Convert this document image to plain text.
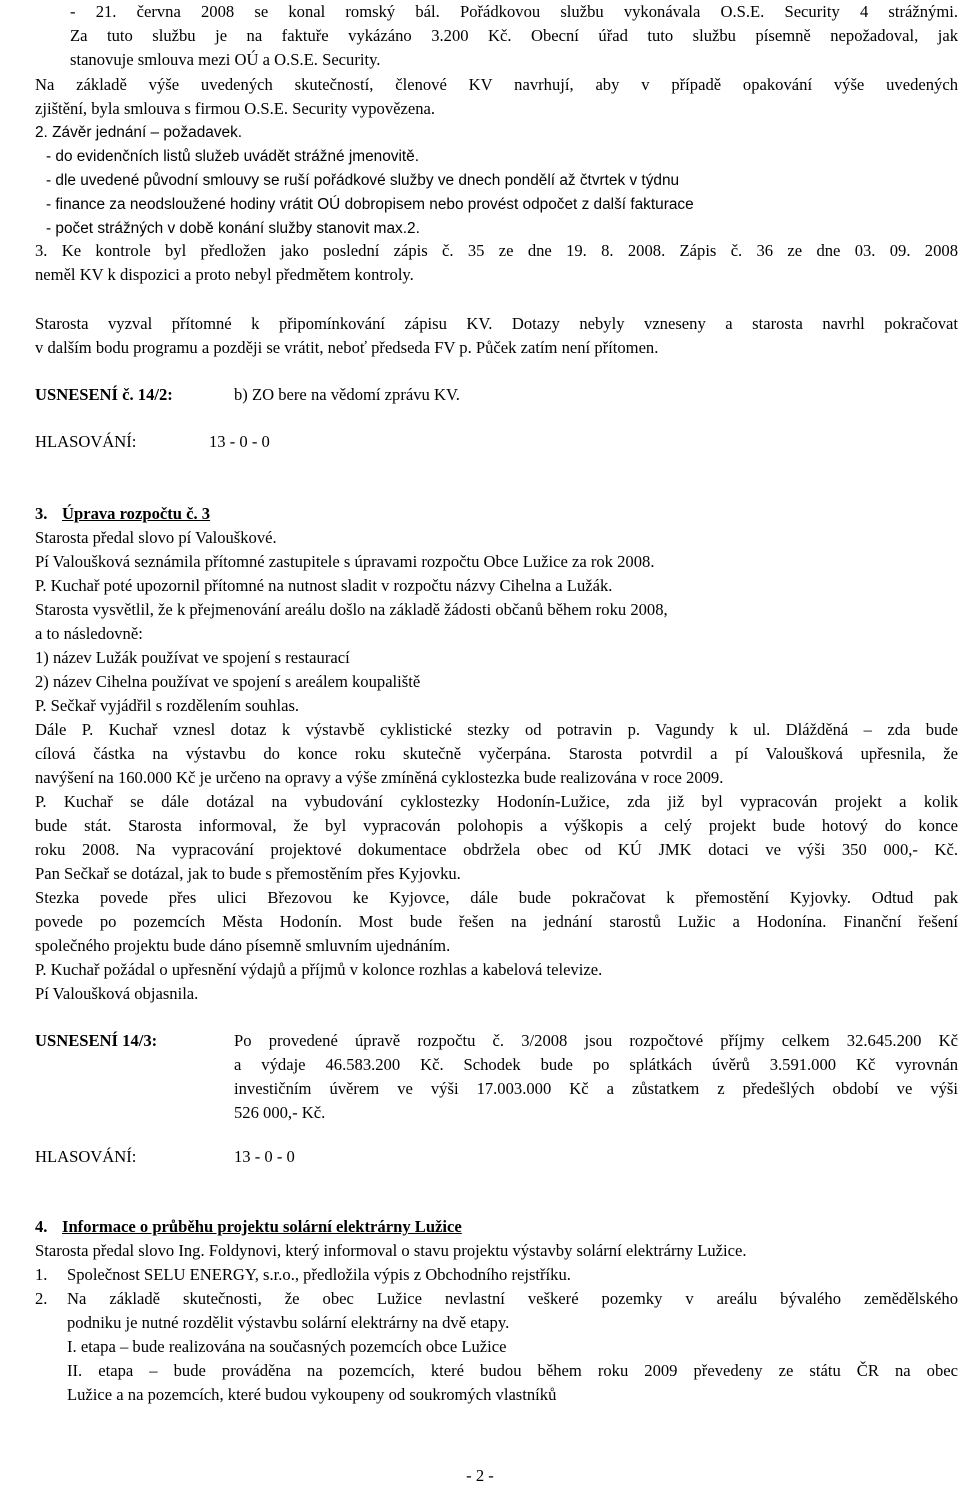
- 21. června 2008 se konal romský bál. Pořádkovou službu vykonávala O.S.E. Security 4 strážnými.
Za tuto službu je na faktuře vykázáno 3.200 Kč. Obecní úřad tuto službu písemně nepožadoval, jak
stanovuje smlouva mezi OÚ a O.S.E. Security.
Na základě výše uvedených skutečností, členové KV navrhují, aby v případě opakování výše uvedených
zjištění, byla smlouva s firmou O.S.E. Security vypovězena.
2. Závěr jednání – požadavek.
- do evidenčních listů služeb uvádět strážné jmenovitě.
- dle uvedené původní smlouvy se ruší pořádkové služby ve dnech pondělí až čtvrtek v týdnu
- finance za neodsloužené hodiny vrátit OÚ dobropisem nebo provést odpočet z další fakturace
- počet strážných v době konání služby stanovit max.2.
3. Ke kontrole byl předložen jako poslední zápis č. 35 ze dne 19. 8. 2008. Zápis č. 36 ze dne 03. 09. 2008
neměl KV k dispozici a proto nebyl předmětem kontroly.
Starosta vyzval přítomné k připomínkování zápisu KV. Dotazy nebyly vzneseny a starosta navrhl pokračovat
v dalším bodu programu a později se vrátit, neboť předseda FV p. Půček zatím není přítomen.
USNESENÍ č. 14/2:	b) ZO bere na vědomí zprávu KV.
HLASOVÁNÍ:	13 - 0 - 0
3. Úprava rozpočtu č. 3
Starosta předal slovo pí Valouškové.
Pí Valoušková seznámila přítomné zastupitele s úpravami rozpočtu Obce Lužice za rok 2008.
P. Kuchař poté upozornil přítomné na nutnost sladit v rozpočtu názvy Cihelna a Lužák.
Starosta vysvětlil, že k přejmenování areálu došlo na základě žádosti občanů během roku 2008,
a to následovně:
1) název Lužák používat ve spojení s restaurací
2) název Cihelna používat ve spojení s areálem koupaliště
P. Sečkař vyjádřil s rozdělením souhlas.
Dále P. Kuchař vznesl dotaz k výstavbě cyklistické stezky od potravin p. Vagundy k ul. Dlážděná – zda bude
cílová částka na výstavbu do konce roku skutečně vyčerpána. Starosta potvrdil a pí Valoušková upřesnila, že
navýšení na 160.000 Kč je určeno na opravy a výše zmíněná cyklostezka bude realizována v roce 2009.
P. Kuchař se dále dotázal na vybudování cyklostezky Hodonín-Lužice, zda již byl vypracován projekt a kolik
bude stát. Starosta informoval, že byl vypracován polohopis a výškopis a celý projekt bude hotový do konce
roku 2008. Na vypracování projektové dokumentace obdržela obec od KÚ JMK dotaci ve výši 350 000,- Kč.
Pan Sečkař se dotázal, jak to bude s přemostěním přes Kyjovku.
Stezka povede přes ulici Březovou ke Kyjovce, dále bude pokračovat k přemostění Kyjovky. Odtud pak
povede po pozemcích Města Hodonín. Most bude řešen na jednání starostů Lužic a Hodonína. Finanční řešení
společného projektu bude dáno písemně smluvním ujednáním.
P. Kuchař požádal o upřesnění výdajů a příjmů v kolonce rozhlas a kabelová televize.
Pí Valoušková objasnila.
USNESENÍ 14/3:	Po provedené úpravě rozpočtu č. 3/2008 jsou rozpočtové příjmy celkem 32.645.200 Kč
a výdaje 46.583.200 Kč. Schodek bude po splátkách úvěrů 3.591.000 Kč vyrovnán
investičním úvěrem ve výši 17.003.000 Kč a zůstatkem z předešlých období ve výši
526 000,- Kč.
HLASOVÁNÍ:	13 - 0 - 0
4. Informace o průběhu projektu solární elektrárny Lužice
Starosta předal slovo Ing. Foldynovi, který informoval o stavu projektu výstavby solární elektrárny Lužice.
1. Společnost SELU ENERGY, s.r.o., předložila výpis z Obchodního rejstříku.
2. Na základě skutečnosti, že obec Lužice nevlastní veškeré pozemky v areálu bývalého zemědělského
podniku je nutné rozdělit výstavbu solární elektrárny na dvě etapy.
I. etapa – bude realizována na současných pozemcích obce Lužice
II. etapa – bude prováděna na pozemcích, které budou během roku 2009 převedeny ze státu ČR na obec
Lužice a na pozemcích, které budou vykoupeny od soukromých vlastníků
- 2 -
